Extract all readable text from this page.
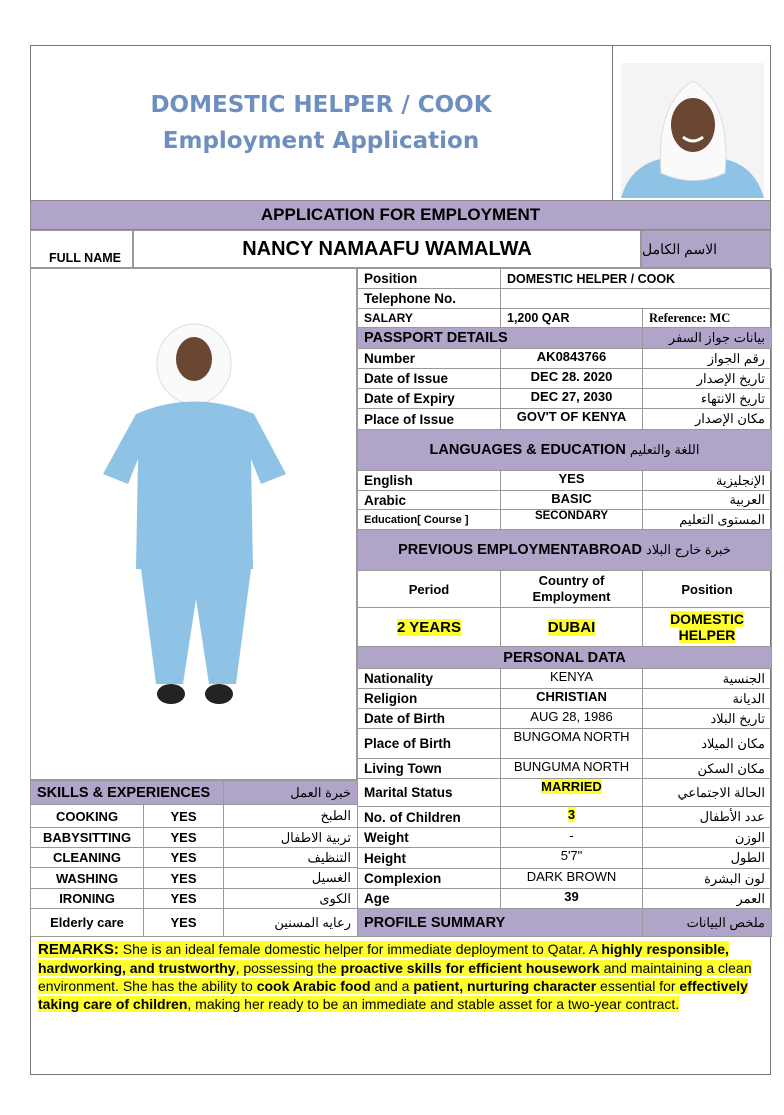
DOMESTIC HELPER / COOK
Employment Application
APPLICATION FOR EMPLOYMENT
FULL NAME	NANCY NAMAAFU WAMALWA	الاسم الكامل
Position	DOMESTIC HELPER / COOK	
Telephone No.		
SALARY	1,200 QAR	Reference: MC
PASSPORT DETAILS		بيانات جواز السفر
Number	AK0843766	رقم الجواز
Date of Issue	DEC 28. 2020	تاريخ الإصدار
Date of Expiry	DEC 27, 2030	تاريخ الانتهاء
Place of Issue	GOV'T OF KENYA	مكان الإصدار
LANGUAGES & EDUCATION اللغة والتعليم		
English	YES	الإنجليزية
Arabic	BASIC	العربية
Education[ Course ]	SECONDARY	المستوى التعليم
PREVIOUS EMPLOYMENTABROAD خبرة خارج البلاد		
Period	Country of Employment	Position
2 YEARS	DUBAI	DOMESTIC HELPER
PERSONAL DATA		
Nationality	KENYA	الجنسية
Religion	CHRISTIAN	الديانة
Date of Birth	AUG 28, 1986	تاريخ البلاد
Place of Birth	BUNGOMA NORTH	مكان الميلاد
Living Town	BUNGUMA NORTH	مكان السكن
Marital Status	MARRIED	الحالة الاجتماعي
No. of Children	3	عدد الأطفال
Weight	-	الوزن
Height	5'7"	الطول
Complexion	DARK BROWN	لون البشرة
Age	39	العمر
PROFILE SUMMARY		ملخص البيانات
SKILLS & EXPERIENCES		خبرة العمل
COOKING	YES	الطبخ
BABYSITTING	YES	تربية الاطفال
CLEANING	YES	التنظيف
WASHING	YES	الغسيل
IRONING	YES	الكوى
Elderly care	YES	رعايه المسنين
REMARKS: She is an ideal female domestic helper for immediate deployment to Qatar. A highly responsible, hardworking, and trustworthy, possessing the proactive skills for efficient housework and maintaining a clean environment. She has the ability to cook Arabic food and a patient, nurturing character essential for effectively taking care of children, making her ready to be an immediate and stable asset for a two-year contract.
